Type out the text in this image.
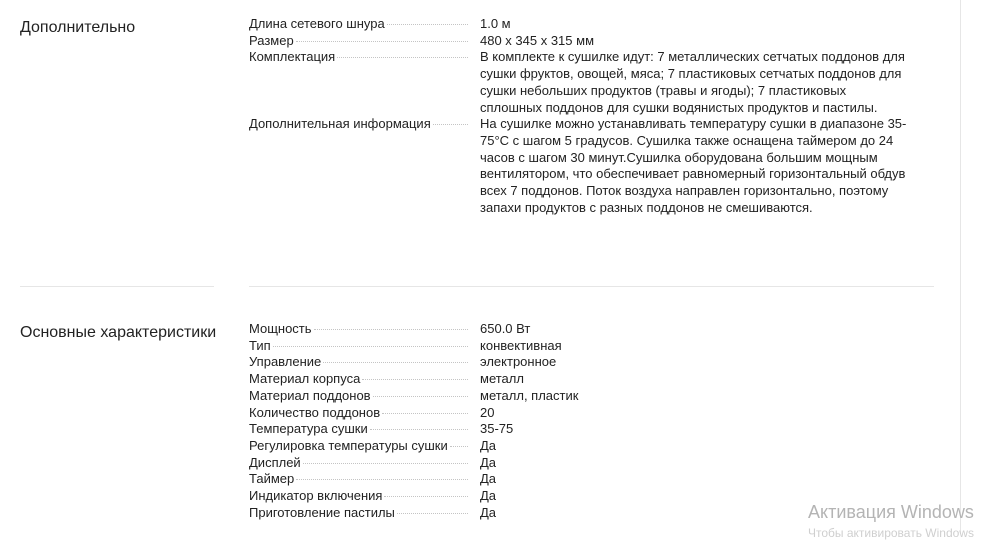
Дополнительно	Длина сетевого шнура	1.0 м
Размер	480 x 345 x 315 мм
Комплектация	В комплекте к сушилке идут: 7 металлических сетчатых поддонов для сушки фруктов, овощей, мяса; 7 пластиковых сетчатых поддонов для сушки небольших продуктов (травы и ягоды); 7 пластиковых сплошных поддонов для сушки водянистых продуктов и пастилы.
Дополнительная информация	На сушилке можно устанавливать температуру сушки в диапазоне 35-75°C с шагом 5 градусов. Сушилка также оснащена таймером до 24 часов с шагом 30 минут.Сушилка оборудована большим мощным вентилятором, что обеспечивает равномерный горизонтальный обдув всех 7 поддонов. Поток воздуха направлен горизонтально, поэтому запахи продуктов с разных поддонов не смешиваются.
Основные характеристики	Мощность	650.0 Вт
Тип	конвективная
Управление	электронное
Материал корпуса	металл
Материал поддонов	металл, пластик
Количество поддонов	20
Температура сушки	35-75
Регулировка температуры сушки Да
Дисплей	Да
Таймер	Да
Индикатор включения	Да
Приготовление пастилы	Да	Активация Windows
Чтобы активировать Windows
